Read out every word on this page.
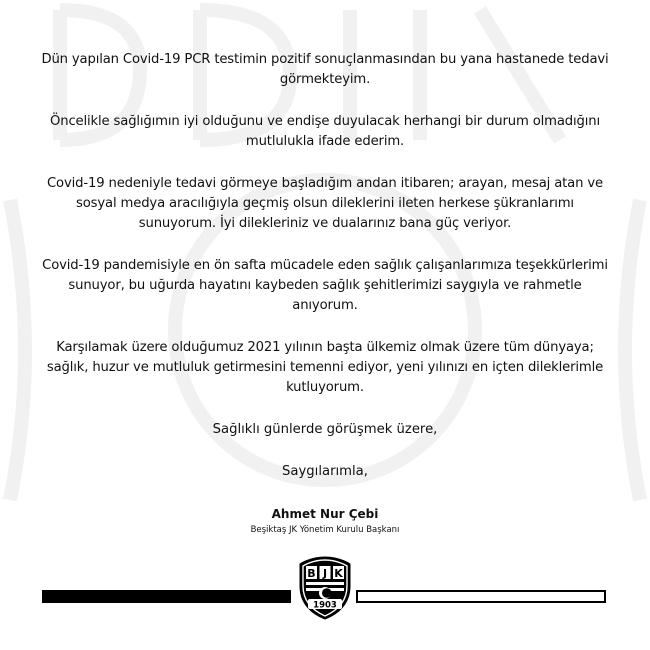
Dün yapılan Covid-19 PCR testimin pozitif sonuçlanmasından bu yana hastanede tedavi görmekteyim.

Öncelikle sağlığımın iyi olduğunu ve endişe duyulacak herhangi bir durum olmadığını mutlulukla ifade ederim.

Covid-19 nedeniyle tedavi görmeye başladığım andan itibaren; arayan, mesaj atan ve sosyal medya aracılığıyla geçmiş olsun dileklerini ileten herkese şükranlarımı sunuyorum. İyi dilekleriniz ve dualarınız bana güç veriyor.

Covid-19 pandemisiyle en ön safta mücadele eden sağlık çalışanlarımıza teşekkürlerimi sunuyor, bu uğurda hayatını kaybeden sağlık şehitlerimizi saygıyla ve rahmetle anıyorum.

Karşılamak üzere olduğumuz 2021 yılının başta ülkemiz olmak üzere tüm dünyaya; sağlık, huzur ve mutluluk getirmesini temenni ediyor, yeni yılınızı en içten dileklerimle kutluyorum.

Sağlıklı günlerde görüşmek üzere,

Saygılarımla,

Ahmet Nur Çebi
Beşiktaş JK Yönetim Kurulu Başkanı
B J K
1903
